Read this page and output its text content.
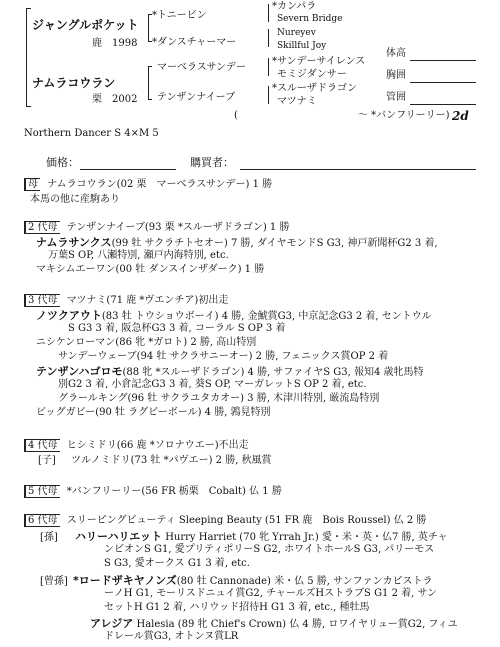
ジャングルポケット
鹿　1998
ナムラコウラン
栗　2002
*トニービン
*ダンスチャーマー
マーベラスサンデー
テンザンナイーブ
*カンパラ
Severn Bridge
Nureyev
Skillful Joy
*サンデーサイレンス
モミジダンサー
*スルーザドラゴン
マツナミ
体高
胸囲
管囲
(　　　　　　　　　　　　～ *バンフリーリー) 2d
Northern Dancer S 4×M 5
価格：	購買者：
母 ナムラコウラン(02 栗　マーベラスサンデー) 1 勝
本馬の他に産駒あり
2 代母 テンザンナイーブ(93 栗 *スルーザドラゴン) 1 勝
ナムラサンクス(99 牡 サクラチトセオー) 7 勝, ダイヤモンドS G3, 神戸新聞杯G2 3 着,
万葉S OP, 八瀬特別, 瀬戸内海特別, etc.
マキシムエーワン(00 牡 ダンスインザダーク) 1 勝
3 代母 マツナミ(71 鹿 *ヴエンチア)初出走
ノツクアウト(83 牡 トウショウボーイ) 4 勝, 金鯱賞G3, 中京記念G3 2 着, セントウル
S G3 3 着, 阪急杯G3 3 着, コーラル S OP 3 着
ニシケンローマン(86 牝 *ガロト) 2 勝, 高山特別
サンデーウェーブ(94 牡 サクラサニーオー) 2 勝, フェニックス賞OP 2 着
テンザンハゴロモ(88 牝 *スルーザドラゴン) 4 勝, サファイヤS G3, 報知4 歳牝馬特
別G2 3 着, 小倉記念G3 3 着, 葵S OP, マーガレットS OP 2 着, etc.
グラールキング(96 牡 サクラユタカオー) 3 勝, 木津川特別, 厳流島特別
ビッグガビー(90 牡 ラグビーボール) 4 勝, 鶉見特別
4 代母 ヒシミドリ(66 鹿 *ソロナウエー)不出走
[子] ツルノミドリ(73 牡 *パヴエー) 2 勝, 秋風賞
5 代母 *バンフリーリー(56 FR 栃栗　Cobalt) 仏 1 勝
6 代母 スリーピングビューティ Sleeping Beauty (51 FR 鹿　Bois Roussel) 仏 2 勝
[孫] ハリーハリエット Hurry Harriet (70 牝 Yrrah Jr.) 愛・米・英・仏7 勝, 英チャ
ンピオンS G1, 愛プリティポリーS G2, ホワイトホールS G3, パリーモス
S G3, 愛オークス G1 3 着, etc.
[曾孫] *ロードザキヤノンズ(80 牡 Cannonade) 米・仏 5 勝, サンファンカピストラ
ーノH G1, モーリスドニュイ賞G2, チャールズHストラブS G1 2 着, サン
セットH G1 2 着, ハリウッド招待H G1 3 着, etc., 種牡馬
アレジア Halesia (89 牝 Chief's Crown) 仏 4 勝, ロワイヤリュー賞G2, フィユ
ドレール賞G3, オトンヌ賞LR
